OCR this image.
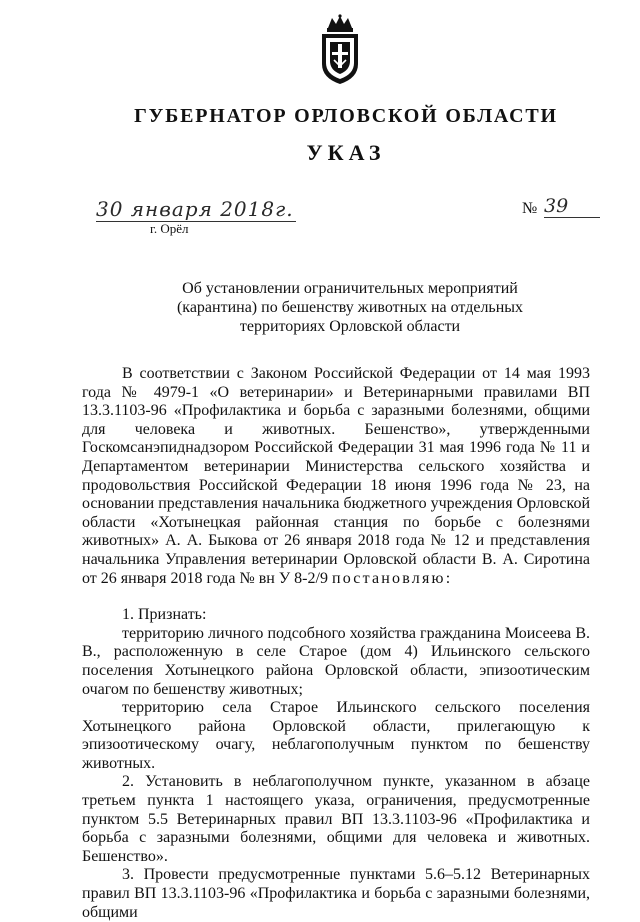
ГУБЕРНАТОР ОРЛОВСКОЙ ОБЛАСТИ
УКАЗ
30 января 2018г.
г. Орёл
№ 39
Об установлении ограничительных мероприятий
(карантина) по бешенству животных на отдельных
территориях Орловской области

В соответствии с Законом Российской Федерации от 14 мая 1993 года № 4979-1 «О ветеринарии» и Ветеринарными правилами ВП 13.3.1103-96 «Профилактика и борьба с заразными болезнями, общими для человека и животных. Бешенство», утвержденными Госкомсанэпиднадзором Российской Федерации 31 мая 1996 года № 11 и Департаментом ветеринарии Министерства сельского хозяйства и продовольствия Российской Федерации 18 июня 1996 года № 23, на основании представления начальника бюджетного учреждения Орловской области «Хотынецкая районная станция по борьбе с болезнями животных» А. А. Быкова от 26 января 2018 года № 12 и представления начальника Управления ветеринарии Орловской области В. А. Сиротина от 26 января 2018 года № вн У 8-2/9 постановляю:

1. Признать:

территорию личного подсобного хозяйства гражданина Моисеева В. В., расположенную в селе Старое (дом 4) Ильинского сельского поселения Хотынецкого района Орловской области, эпизоотическим очагом по бешенству животных;

территорию села Старое Ильинского сельского поселения Хотынецкого района Орловской области, прилегающую к эпизоотическому очагу, неблагополучным пунктом по бешенству животных.

2. Установить в неблагополучном пункте, указанном в абзаце третьем пункта 1 настоящего указа, ограничения, предусмотренные пунктом 5.5 Ветеринарных правил ВП 13.3.1103-96 «Профилактика и борьба с заразными болезнями, общими для человека и животных. Бешенство».

3. Провести предусмотренные пунктами 5.6–5.12 Ветеринарных правил ВП 13.3.1103-96 «Профилактика и борьба с заразными болезнями, общими
